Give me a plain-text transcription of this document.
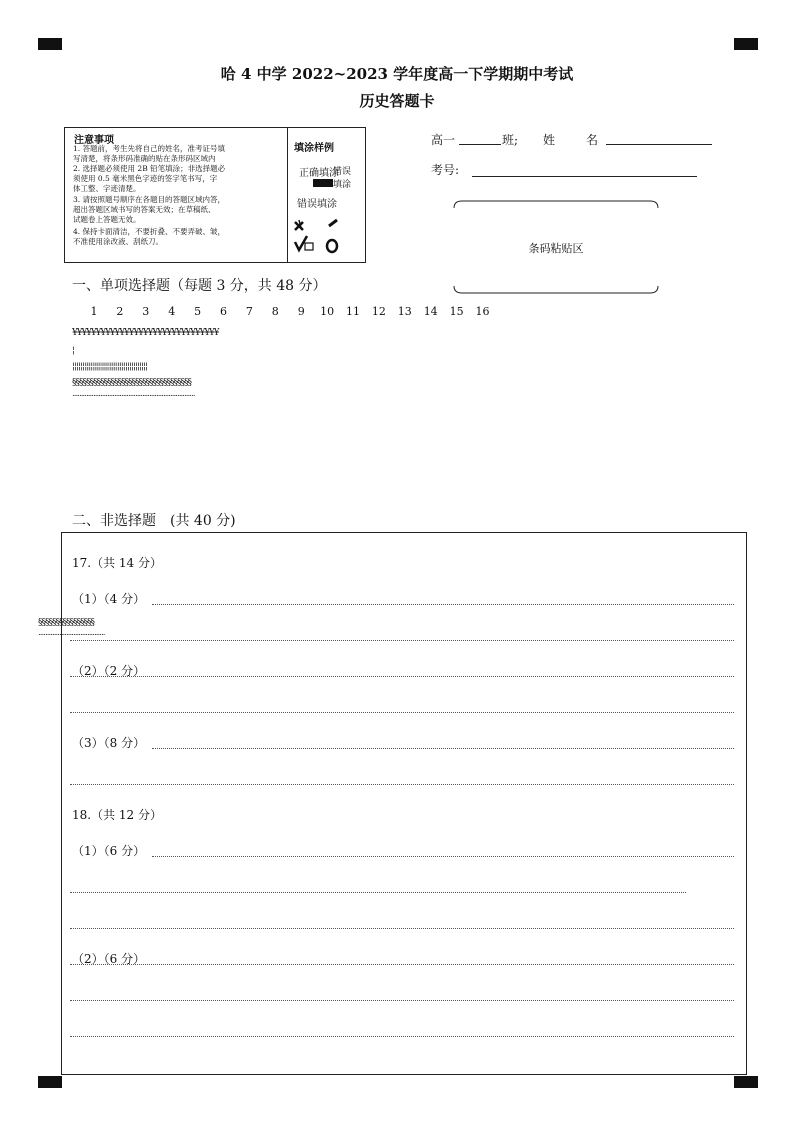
哈 4 中学 2022~2023 学年度高一下学期期中考试
历史答题卡
注意事项
1. 答题前，考生先将自己的姓名，准考证号填
写清楚，将条形码准确的贴在条形码区域内
2. 选择题必须使用 2B 铅笔填涂；非选择题必
须使用 0.5 毫米黑色字迹的签字笔书写，字
体工整、字迹清楚。
3. 请按照题号顺序在各题目的答题区域内答，
超出答题区域书写的答案无效；在草稿纸、
试题卷上答题无效。
4. 保持卡面清洁，不要折叠、不要弄破、皱，
不准使用涂改液、刮纸刀。
填涂样例
正确填涂
错误填涂
错误填涂
高一	班; 姓	名
考号:
条码粘贴区
一、单项选择题（每题 3 分，共 48 分）
1	2	3	4	5	6	7	8	9	10 11 12 13 14 15 16
¥¥¥¥¥¥¥¥¥¥¥¥¥¥¥¥¥¥¥¥¥¥¥¥¥¥¥¥¥¥¥
¦
¦¦¦¦¦¦¦¦¦¦¦¦¦¦¦¦¦¦¦¦¦¦¦¦¦¦¦¦¦¦¦¦¦¦¦¦¦
§§§§§§§§§§§§§§§§§§§§§§§§§§§§§§§§§§
¨¨¨¨¨¨¨¨¨¨¨¨¨¨¨¨¨¨¨¨¨¨¨¨¨¨¨¨¨¨¨¨¨¨¨
二、非选择题　(共 40 分)
17.（共 14 分）
（1）（4 分）
§§§§§§§§§§§§§§§§
¨¨¨¨¨¨¨¨¨¨¨¨¨¨¨¨¨¨¨
（2）（2 分）
（3）（8 分）
18.（共 12 分）
（1）（6 分）
（2）（6 分）
